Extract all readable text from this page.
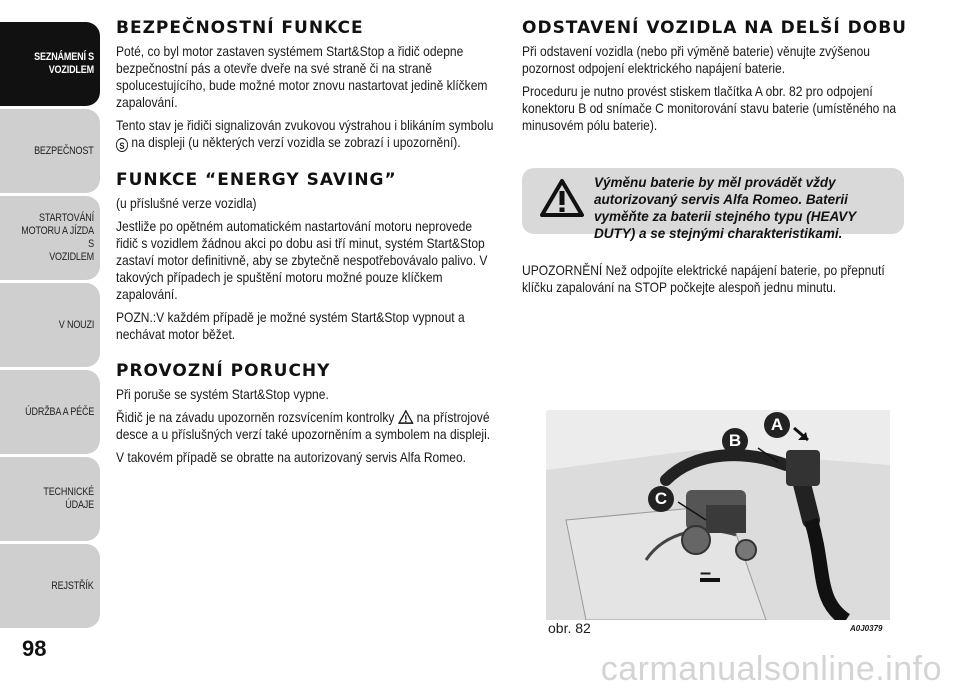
SEZNÁMENÍ S
VOZIDLEM
BEZPEČNOST
STARTOVÁNÍ
MOTORU A JÍZDA S
VOZIDLEM
V NOUZI
ÚDRŽBA A PÉČE
TECHNICKÉ ÚDAJE
REJSTŘÍK
98
BEZPEČNOSTNÍ FUNKCE

Poté, co byl motor zastaven systémem Start&Stop a řidič odepne bezpečnostní pás a otevře dveře na své straně či na straně spolucestujícího, bude možné motor znovu nastartovat jedině klíčkem zapalování.

Tento stav je řidiči signalizován zvukovou výstrahou i blikáním symbolu S na displeji (u některých verzí vozidla se zobrazí i upozornění).

FUNKCE “ENERGY SAVING”

(u příslušné verze vozidla)

Jestliže po opětném automatickém nastartování motoru neprovede řidič s vozidlem žádnou akci po dobu asi tří minut, systém Start&Stop zastaví motor definitivně, aby se zbytečně nespotřebovávalo palivo. V takových případech je spuštění motoru možné pouze klíčkem zapalování.

POZN.:V každém případě je možné systém Start&Stop vypnout a nechávat motor běžet.

PROVOZNÍ PORUCHY

Při poruše se systém Start&Stop vypne.

Řidič je na závadu upozorněn rozsvícením kontrolky na přístrojové desce a u příslušných verzí také upozorněním a symbolem na displeji.

V takovém případě se obratte na autorizovaný servis Alfa Romeo.

ODSTAVENÍ VOZIDLA NA DELŠÍ DOBU

Při odstavení vozidla (nebo při výměně baterie) věnujte zvýšenou pozornost odpojení elektrického napájení baterie.

Proceduru je nutno provést stiskem tlačítka A obr. 82 pro odpojení konektoru B od snímače C monitorování stavu baterie (umístěného na minusovém pólu baterie).

Výměnu baterie by měl provádět vždy autorizovaný servis Alfa Romeo. Baterii vyměňte za baterii stejného typu (HEAVY DUTY) a se stejnými charakteristikami.
UPOZORNĚNÍ Než odpojíte elektrické napájení baterie, po přepnutí klíčku zapalování na STOP počkejte alespoň jednu minutu.
A
B
C
–
obr. 82	A0J0379
carmanualsonline.info
